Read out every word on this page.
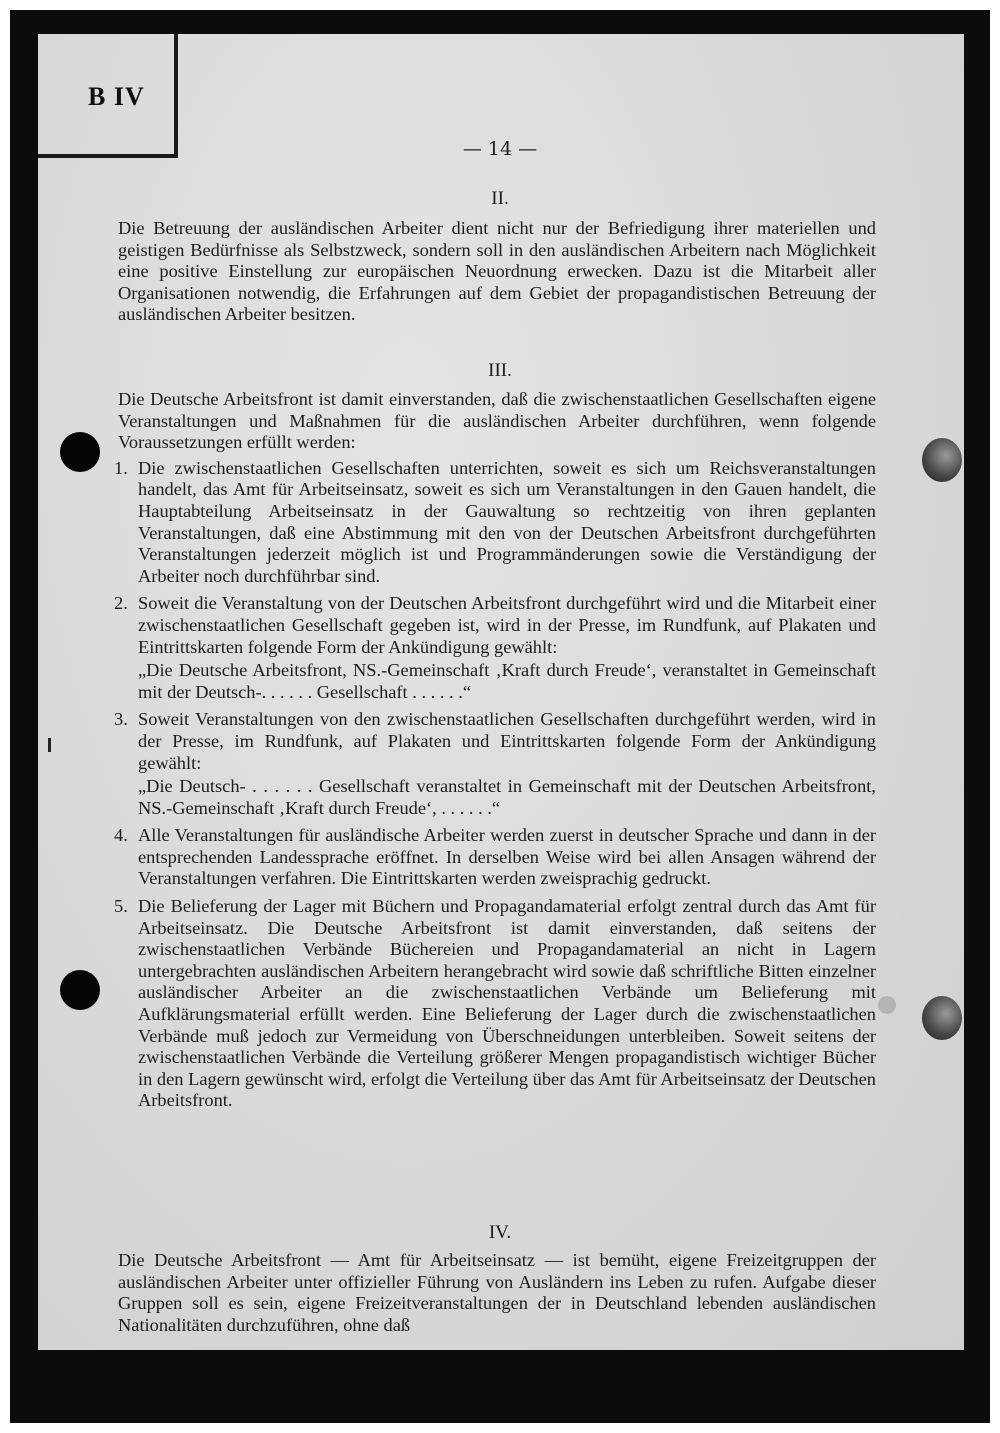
B IV
— 14 —
II.

Die Betreuung der ausländischen Arbeiter dient nicht nur der Befriedigung ihrer materiellen und geistigen Bedürfnisse als Selbstzweck, sondern soll in den ausländischen Arbeitern nach Möglichkeit eine positive Einstellung zur europäischen Neuordnung erwecken. Dazu ist die Mitarbeit aller Organisationen notwendig, die Erfahrungen auf dem Gebiet der propagandistischen Betreuung der ausländischen Arbeiter besitzen.

III.

Die Deutsche Arbeitsfront ist damit einverstanden, daß die zwischenstaatlichen Gesellschaften eigene Veranstaltungen und Maßnahmen für die ausländischen Arbeiter durchführen, wenn folgende Voraussetzungen erfüllt werden:

1. Die zwischenstaatlichen Gesellschaften unterrichten, soweit es sich um Reichsveranstaltungen handelt, das Amt für Arbeitseinsatz, soweit es sich um Veranstaltungen in den Gauen handelt, die Hauptabteilung Arbeitseinsatz in der Gauwaltung so rechtzeitig von ihren geplanten Veranstaltungen, daß eine Abstimmung mit den von der Deutschen Arbeitsfront durchgeführten Veranstaltungen jederzeit möglich ist und Programmänderungen sowie die Verständigung der Arbeiter noch durchführbar sind.
2. Soweit die Veranstaltung von der Deutschen Arbeitsfront durchgeführt wird und die Mitarbeit einer zwischenstaatlichen Gesellschaft gegeben ist, wird in der Presse, im Rundfunk, auf Plakaten und Eintrittskarten folgende Form der Ankündigung gewählt:
„Die Deutsche Arbeitsfront, NS.-Gemeinschaft ‚Kraft durch Freude‘, veranstaltet in Gemeinschaft mit der Deutsch-. . . . . . Gesellschaft . . . . . .“
3. Soweit Veranstaltungen von den zwischenstaatlichen Gesellschaften durchgeführt werden, wird in der Presse, im Rundfunk, auf Plakaten und Eintrittskarten folgende Form der Ankündigung gewählt:
„Die Deutsch- . . . . . . Gesellschaft veranstaltet in Gemeinschaft mit der Deutschen Arbeitsfront, NS.-Gemeinschaft ‚Kraft durch Freude‘, . . . . . .“
4. Alle Veranstaltungen für ausländische Arbeiter werden zuerst in deutscher Sprache und dann in der entsprechenden Landessprache eröffnet. In derselben Weise wird bei allen Ansagen während der Veranstaltungen verfahren. Die Eintrittskarten werden zweisprachig gedruckt.
5. Die Belieferung der Lager mit Büchern und Propagandamaterial erfolgt zentral durch das Amt für Arbeitseinsatz. Die Deutsche Arbeitsfront ist damit einverstanden, daß seitens der zwischenstaatlichen Verbände Büchereien und Propagandamaterial an nicht in Lagern untergebrachten ausländischen Arbeitern herangebracht wird sowie daß schriftliche Bitten einzelner ausländischer Arbeiter an die zwischenstaatlichen Verbände um Belieferung mit Aufklärungsmaterial erfüllt werden. Eine Belieferung der Lager durch die zwischenstaatlichen Verbände muß jedoch zur Vermeidung von Überschneidungen unterbleiben. Soweit seitens der zwischenstaatlichen Verbände die Verteilung größerer Mengen propagandistisch wichtiger Bücher in den Lagern gewünscht wird, erfolgt die Verteilung über das Amt für Arbeitseinsatz der Deutschen Arbeitsfront.
IV.

Die Deutsche Arbeitsfront — Amt für Arbeitseinsatz — ist bemüht, eigene Freizeitgruppen der ausländischen Arbeiter unter offizieller Führung von Ausländern ins Leben zu rufen. Aufgabe dieser Gruppen soll es sein, eigene Freizeitveranstaltungen der in Deutschland lebenden ausländischen Nationalitäten durchzuführen, ohne daß
